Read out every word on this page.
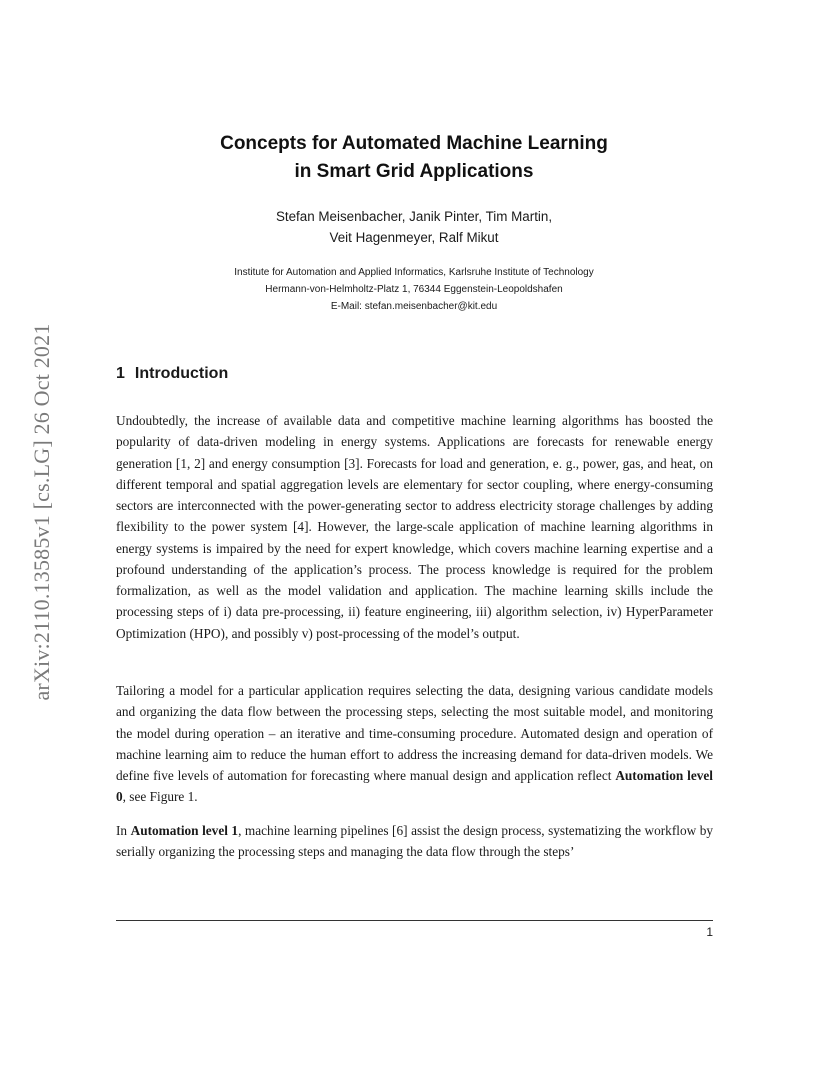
arXiv:2110.13585v1 [cs.LG] 26 Oct 2021
Concepts for Automated Machine Learning
in Smart Grid Applications
Stefan Meisenbacher, Janik Pinter, Tim Martin,
Veit Hagenmeyer, Ralf Mikut
Institute for Automation and Applied Informatics, Karlsruhe Institute of Technology
Hermann-von-Helmholtz-Platz 1, 76344 Eggenstein-Leopoldshafen
E-Mail: stefan.meisenbacher@kit.edu
1 Introduction

Undoubtedly, the increase of available data and competitive machine learning algorithms has boosted the popularity of data-driven modeling in energy systems. Applications are forecasts for renewable energy generation [1, 2] and energy consumption [3]. Forecasts for load and generation, e. g., power, gas, and heat, on different temporal and spatial aggregation levels are elementary for sector coupling, where energy-consuming sectors are interconnected with the power-generating sector to address electricity storage challenges by adding flexibility to the power system [4]. However, the large-scale application of machine learning algorithms in energy systems is impaired by the need for expert knowledge, which covers machine learning expertise and a profound understanding of the application’s process. The process knowledge is required for the problem formalization, as well as the model validation and application. The machine learning skills include the processing steps of i) data pre-processing, ii) feature engineering, iii) algorithm selection, iv) HyperParameter Optimization (HPO), and possibly v) post-processing of the model’s output.

Tailoring a model for a particular application requires selecting the data, designing various candidate models and organizing the data flow between the processing steps, selecting the most suitable model, and monitoring the model during operation – an iterative and time-consuming procedure. Automated design and operation of machine learning aim to reduce the human effort to address the increasing demand for data-driven models. We define five levels of automation for forecasting where manual design and application reflect Automation level 0, see Figure 1.

In Automation level 1, machine learning pipelines [6] assist the design process, systematizing the workflow by serially organizing the processing steps and managing the data flow through the steps’

1
